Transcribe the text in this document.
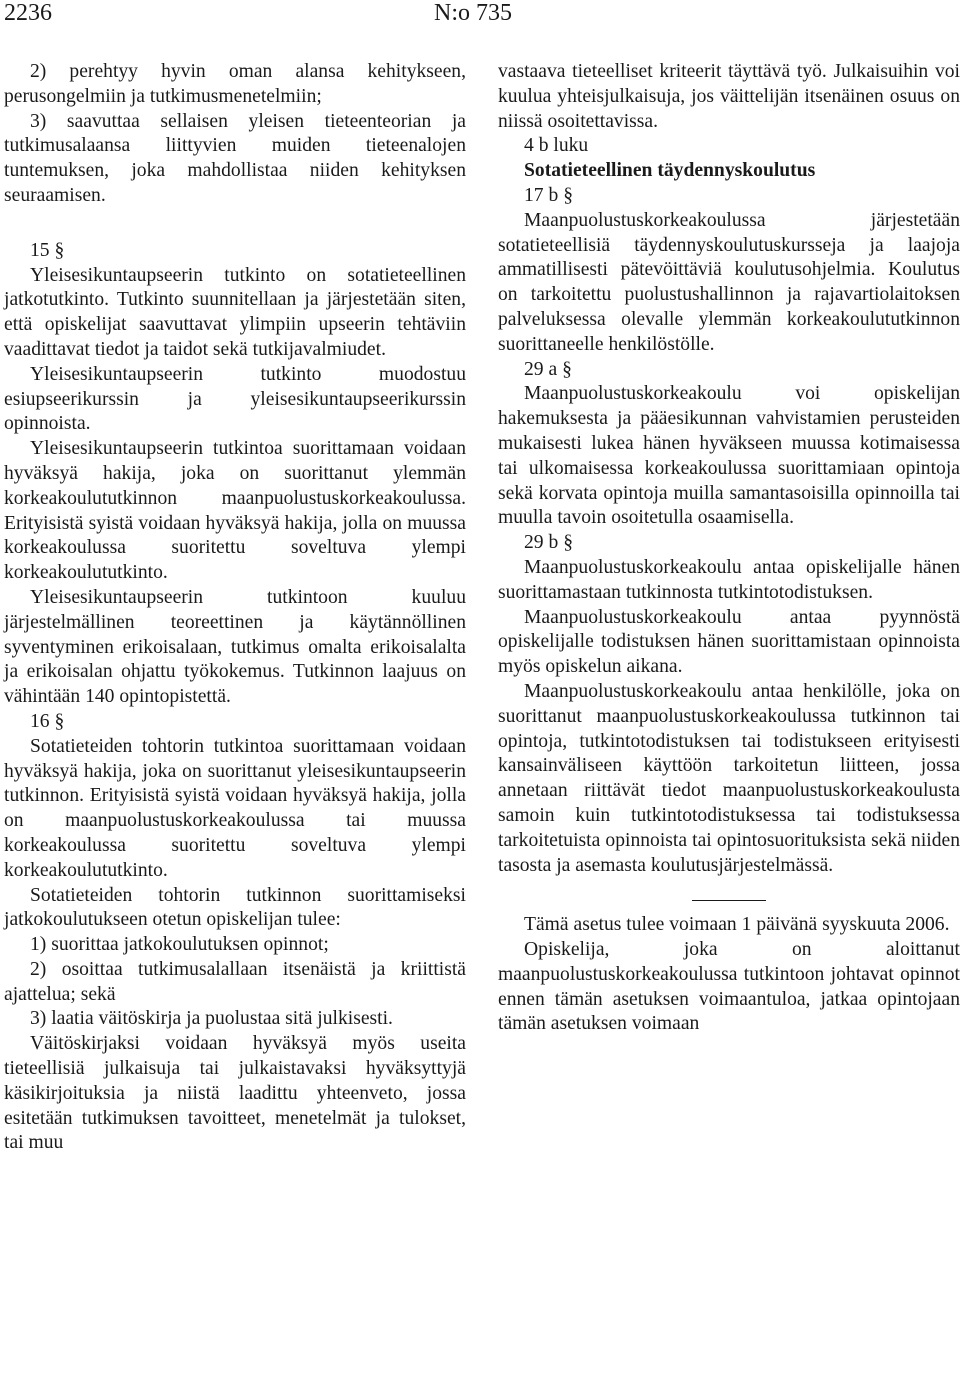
2236	N:o 735

2) perehtyy hyvin oman alansa kehitykseen, perusongelmiin ja tutkimusmenetelmiin;

3) saavuttaa sellaisen yleisen tieteenteorian ja tutkimusalaansa liittyvien muiden tieteenalojen tuntemuksen, joka mahdollistaa niiden kehityksen seuraamisen.

15 §

Yleisesikuntaupseerin tutkinto on sotatieteellinen jatkotutkinto. Tutkinto suunnitellaan ja järjestetään siten, että opiskelijat saavuttavat ylimpiin upseerin tehtäviin vaadittavat tiedot ja taidot sekä tutkijavalmiudet.

Yleisesikuntaupseerin tutkinto muodostuu esiupseerikurssin ja yleisesikuntaupseerikurssin opinnoista.

Yleisesikuntaupseerin tutkintoa suorittamaan voidaan hyväksyä hakija, joka on suorittanut ylemmän korkeakoulututkinnon maanpuolustuskorkeakoulussa. Erityisistä syistä voidaan hyväksyä hakija, jolla on muussa korkeakoulussa suoritettu soveltuva ylempi korkeakoulututkinto.

Yleisesikuntaupseerin tutkintoon kuuluu järjestelmällinen teoreettinen ja käytännöllinen syventyminen erikoisalaan, tutkimus omalta erikoisalalta ja erikoisalan ohjattu työkokemus. Tutkinnon laajuus on vähintään 140 opintopistettä.

16 §

Sotatieteiden tohtorin tutkintoa suorittamaan voidaan hyväksyä hakija, joka on suorittanut yleisesikuntaupseerin tutkinnon. Erityisistä syistä voidaan hyväksyä hakija, jolla on maanpuolustuskorkeakoulussa tai muussa korkeakoulussa suoritettu soveltuva ylempi korkeakoulututkinto.

Sotatieteiden tohtorin tutkinnon suorittamiseksi jatkokoulutukseen otetun opiskelijan tulee:

1) suorittaa jatkokoulutuksen opinnot;

2) osoittaa tutkimusalallaan itsenäistä ja kriittistä ajattelua; sekä

3) laatia väitöskirja ja puolustaa sitä julkisesti.

Väitöskirjaksi voidaan hyväksyä myös useita tieteellisiä julkaisuja tai julkaistavaksi hyväksyttyjä käsikirjoituksia ja niistä laadittu yhteenveto, jossa esitetään tutkimuksen tavoitteet, menetelmät ja tulokset, tai muu

vastaava tieteelliset kriteerit täyttävä työ. Julkaisuihin voi kuulua yhteisjulkaisuja, jos väittelijän itsenäinen osuus on niissä osoitettavissa.

4 b luku

Sotatieteellinen täydennyskoulutus

17 b §

Maanpuolustuskorkeakoulussa järjestetään sotatieteellisiä täydennyskoulutuskursseja ja laajoja ammatillisesti pätevöittäviä koulutusohjelmia. Koulutus on tarkoitettu puolustushallinnon ja rajavartiolaitoksen palveluksessa olevalle ylemmän korkeakoulututkinnon suorittaneelle henkilöstölle.

29 a §

Maanpuolustuskorkeakoulu voi opiskelijan hakemuksesta ja pääesikunnan vahvistamien perusteiden mukaisesti lukea hänen hyväkseen muussa kotimaisessa tai ulkomaisessa korkeakoulussa suorittamiaan opintoja sekä korvata opintoja muilla samantasoisilla opinnoilla tai muulla tavoin osoitetulla osaamisella.

29 b §

Maanpuolustuskorkeakoulu antaa opiskelijalle hänen suorittamastaan tutkinnosta tutkintotodistuksen.

Maanpuolustuskorkeakoulu antaa pyynnöstä opiskelijalle todistuksen hänen suorittamistaan opinnoista myös opiskelun aikana.

Maanpuolustuskorkeakoulu antaa henkilölle, joka on suorittanut maanpuolustuskorkeakoulussa tutkinnon tai opintoja, tutkintotodistuksen tai todistukseen erityisesti kansainväliseen käyttöön tarkoitetun liitteen, jossa annetaan riittävät tiedot maanpuolustuskorkeakoulusta samoin kuin tutkintotodistuksessa tai todistuksessa tarkoitetuista opinnoista tai opintosuorituksista sekä niiden tasosta ja asemasta koulutusjärjestelmässä.

Tämä asetus tulee voimaan 1 päivänä syyskuuta 2006.

Opiskelija, joka on aloittanut maanpuolustuskorkeakoulussa tutkintoon johtavat opinnot ennen tämän asetuksen voimaantuloa, jatkaa opintojaan tämän asetuksen voimaan
